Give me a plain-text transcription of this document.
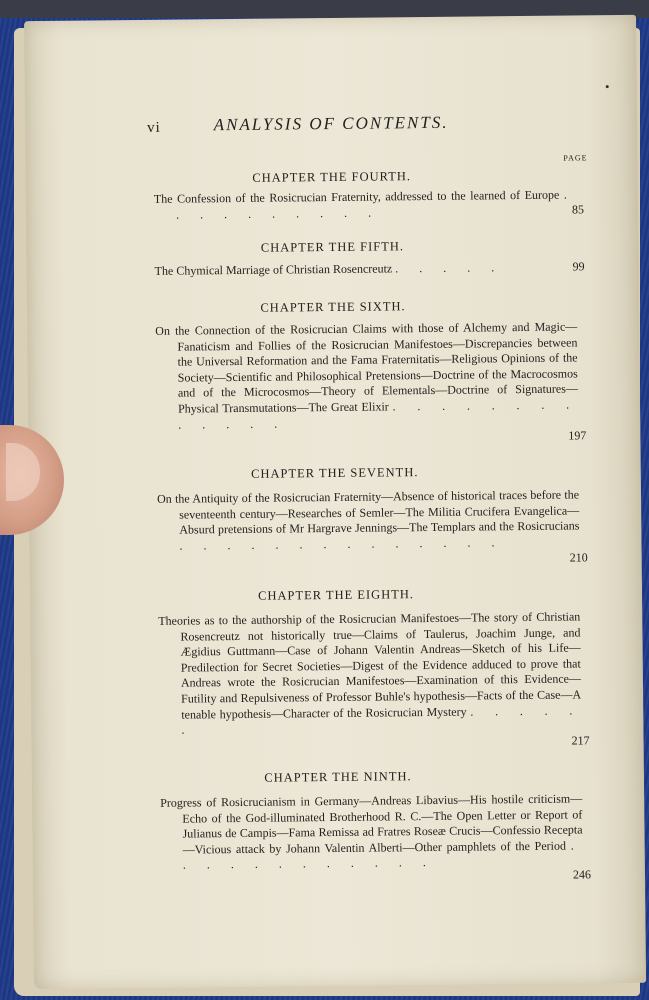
vi	ANALYSIS OF CONTENTS.
PAGE
CHAPTER THE FOURTH.
The Confession of the Rosicrucian Fraternity, addressed to the learned of Europe . . . . . . . . . .	85
CHAPTER THE FIFTH.
The Chymical Marriage of Christian Rosencreutz . . . . .	99
CHAPTER THE SIXTH.
On the Connection of the Rosicrucian Claims with those of Alchemy and Magic—Fanaticism and Follies of the Rosicrucian Manifestoes—Discrepancies between the Universal Reformation and the Fama Fraternitatis—Religious Opinions of the Society—Scientific and Philosophical Pretensions—Doctrine of the Macrocosmos and of the Microcosmos—Theory of Elementals—Doctrine of Signatures—Physical Transmutations—The Great Elixir . . . . . . . . . . . . .
197
CHAPTER THE SEVENTH.
On the Antiquity of the Rosicrucian Fraternity—Absence of historical traces before the seventeenth century—Researches of Semler—The Militia Crucifera Evangelica—Absurd pretensions of Mr Hargrave Jennings—The Templars and the Rosicrucians . . . . . . . . . . . . . .
210
CHAPTER THE EIGHTH.
Theories as to the authorship of the Rosicrucian Manifestoes—The story of Christian Rosencreutz not historically true—Claims of Taulerus, Joachim Junge, and Ægidius Guttmann—Case of Johann Valentin Andreas—Sketch of his Life—Predilection for Secret Societies—Digest of the Evidence adduced to prove that Andreas wrote the Rosicrucian Manifestoes—Examination of this Evidence—Futility and Repulsiveness of Professor Buhle's hypothesis—Facts of the Case—A tenable hypothesis—Character of the Rosicrucian Mystery . . . . . .
217
CHAPTER THE NINTH.
Progress of Rosicrucianism in Germany—Andreas Libavius—His hostile criticism—Echo of the God-illuminated Brotherhood R. C.—The Open Letter or Report of Julianus de Campis—Fama Remissa ad Fratres Roseæ Crucis—Confessio Recepta—Vicious attack by Johann Valentin Alberti—Other pamphlets of the Period . . . . . . . . . . . .
246
